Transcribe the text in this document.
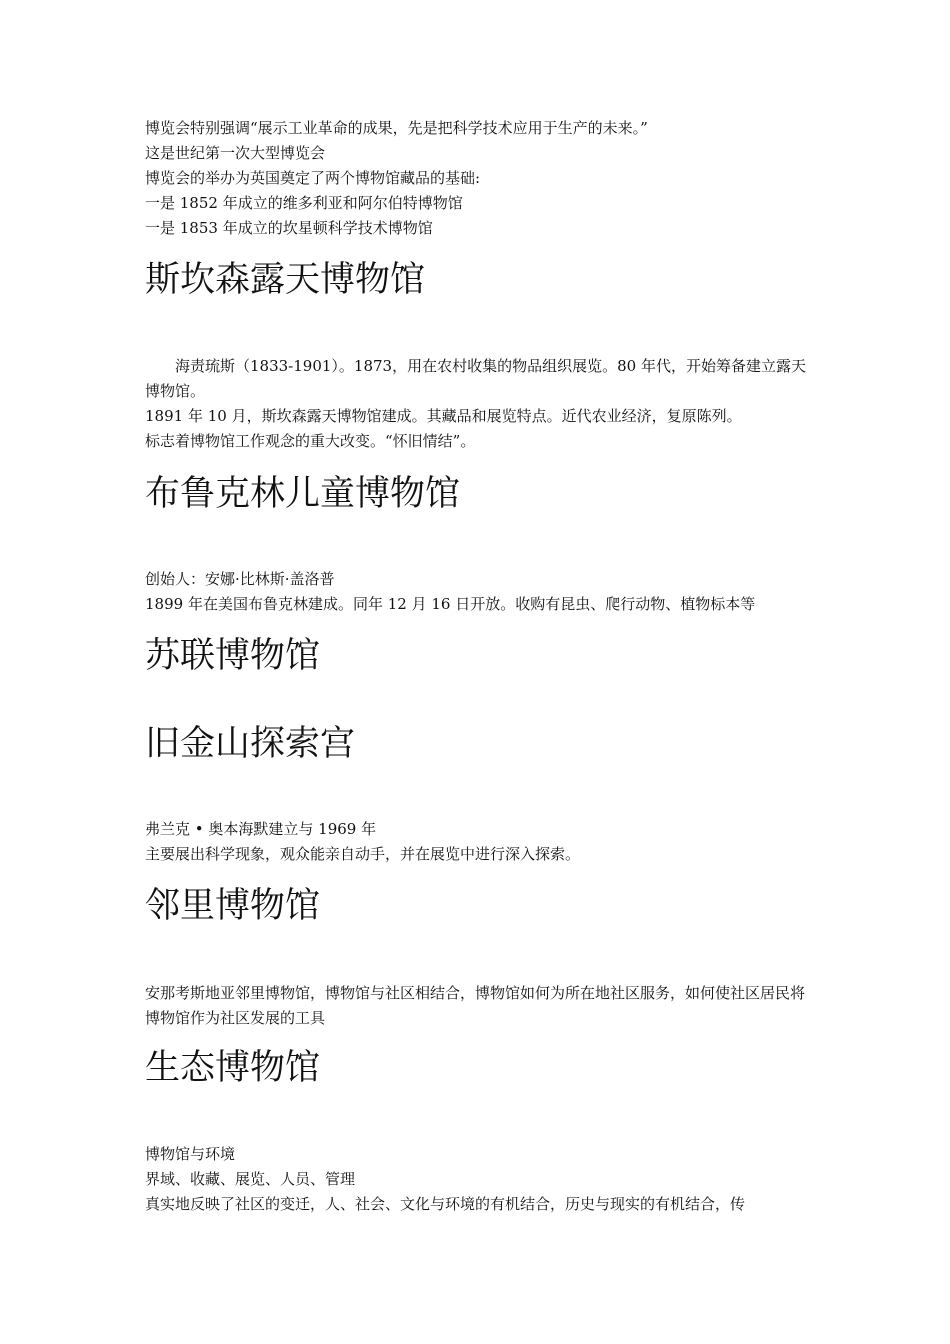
博览会特别强调“展示工业革命的成果，先是把科学技术应用于生产的未来。”
这是世纪第一次大型博览会
博览会的举办为英国奠定了两个博物馆藏品的基础:
一是 1852 年成立的维多利亚和阿尔伯特博物馆
一是 1853 年成立的坎星顿科学技术博物馆
斯坎森露天博物馆
海责琉斯（1833-1901）。1873，用在农村收集的物品组织展览。80 年代，开始筹备建立露天博物馆。
1891 年 10 月，斯坎森露天博物馆建成。其藏品和展览特点。近代农业经济，复原陈列。
标志着博物馆工作观念的重大改变。“怀旧情结”。
布鲁克林儿童博物馆
创始人：安娜·比林斯·盖洛普
1899 年在美国布鲁克林建成。同年 12 月 16 日开放。收购有昆虫、爬行动物、植物标本等
苏联博物馆
旧金山探索宫
弗兰克 • 奥本海默建立与 1969 年
主要展出科学现象，观众能亲自动手，并在展览中进行深入探索。
邻里博物馆
安那考斯地亚邻里博物馆，博物馆与社区相结合，博物馆如何为所在地社区服务，如何使社区居民将博物馆作为社区发展的工具
生态博物馆
博物馆与环境
界域、收藏、展览、人员、管理
真实地反映了社区的变迁，人、社会、文化与环境的有机结合，历史与现实的有机结合，传
